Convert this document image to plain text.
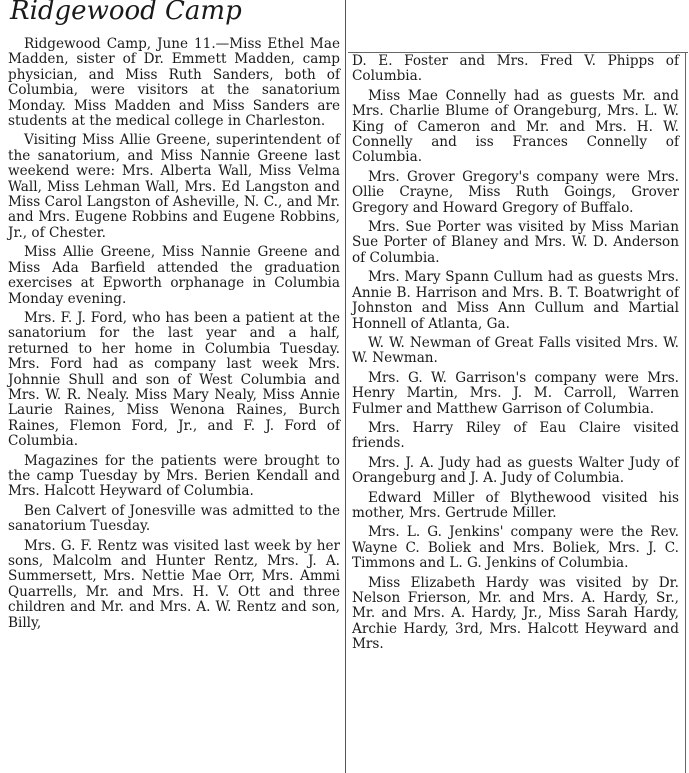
Ridgewood Camp

Ridgewood Camp, June 11.—Miss Ethel Mae Madden, sister of Dr. Emmett Madden, camp physician, and Miss Ruth Sanders, both of Columbia, were visitors at the sanatorium Monday. Miss Madden and Miss Sanders are students at the medical college in Charleston.

Visiting Miss Allie Greene, superintendent of the sanatorium, and Miss Nannie Greene last weekend were: Mrs. Alberta Wall, Miss Velma Wall, Miss Lehman Wall, Mrs. Ed Langston and Miss Carol Langston of Asheville, N. C., and Mr. and Mrs. Eugene Robbins and Eugene Robbins, Jr., of Chester.

Miss Allie Greene, Miss Nannie Greene and Miss Ada Barfield attended the graduation exercises at Epworth orphanage in Columbia Monday evening.

Mrs. F. J. Ford, who has been a patient at the sanatorium for the last year and a half, returned to her home in Columbia Tuesday. Mrs. Ford had as company last week Mrs. Johnnie Shull and son of West Columbia and Mrs. W. R. Nealy. Miss Mary Nealy, Miss Annie Laurie Raines, Miss Wenona Raines, Burch Raines, Flemon Ford, Jr., and F. J. Ford of Columbia.

Magazines for the patients were brought to the camp Tuesday by Mrs. Berien Kendall and Mrs. Halcott Heyward of Columbia.

Ben Calvert of Jonesville was admitted to the sanatorium Tuesday.

Mrs. G. F. Rentz was visited last week by her sons, Malcolm and Hunter Rentz, Mrs. J. A. Summersett, Mrs. Nettie Mae Orr, Mrs. Ammi Quarrells, Mr. and Mrs. H. V. Ott and three children and Mr. and Mrs. A. W. Rentz and son, Billy,

D. E. Foster and Mrs. Fred V. Phipps of Columbia.

Miss Mae Connelly had as guests Mr. and Mrs. Charlie Blume of Orangeburg, Mrs. L. W. King of Cameron and Mr. and Mrs. H. W. Connelly and iss Frances Connelly of Columbia.

Mrs. Grover Gregory's company were Mrs. Ollie Crayne, Miss Ruth Goings, Grover Gregory and Howard Gregory of Buffalo.

Mrs. Sue Porter was visited by Miss Marian Sue Porter of Blaney and Mrs. W. D. Anderson of Columbia.

Mrs. Mary Spann Cullum had as guests Mrs. Annie B. Harrison and Mrs. B. T. Boatwright of Johnston and Miss Ann Cullum and Martial Honnell of Atlanta, Ga.

W. W. Newman of Great Falls visited Mrs. W. W. Newman.

Mrs. G. W. Garrison's company were Mrs. Henry Martin, Mrs. J. M. Carroll, Warren Fulmer and Matthew Garrison of Columbia.

Mrs. Harry Riley of Eau Claire visited friends.

Mrs. J. A. Judy had as guests Walter Judy of Orangeburg and J. A. Judy of Columbia.

Edward Miller of Blythewood visited his mother, Mrs. Gertrude Miller.

Mrs. L. G. Jenkins' company were the Rev. Wayne C. Boliek and Mrs. Boliek, Mrs. J. C. Timmons and L. G. Jenkins of Columbia.

Miss Elizabeth Hardy was visited by Dr. Nelson Frierson, Mr. and Mrs. A. Hardy, Sr., Mr. and Mrs. A. Hardy, Jr., Miss Sarah Hardy, Archie Hardy, 3rd, Mrs. Halcott Heyward and Mrs.
